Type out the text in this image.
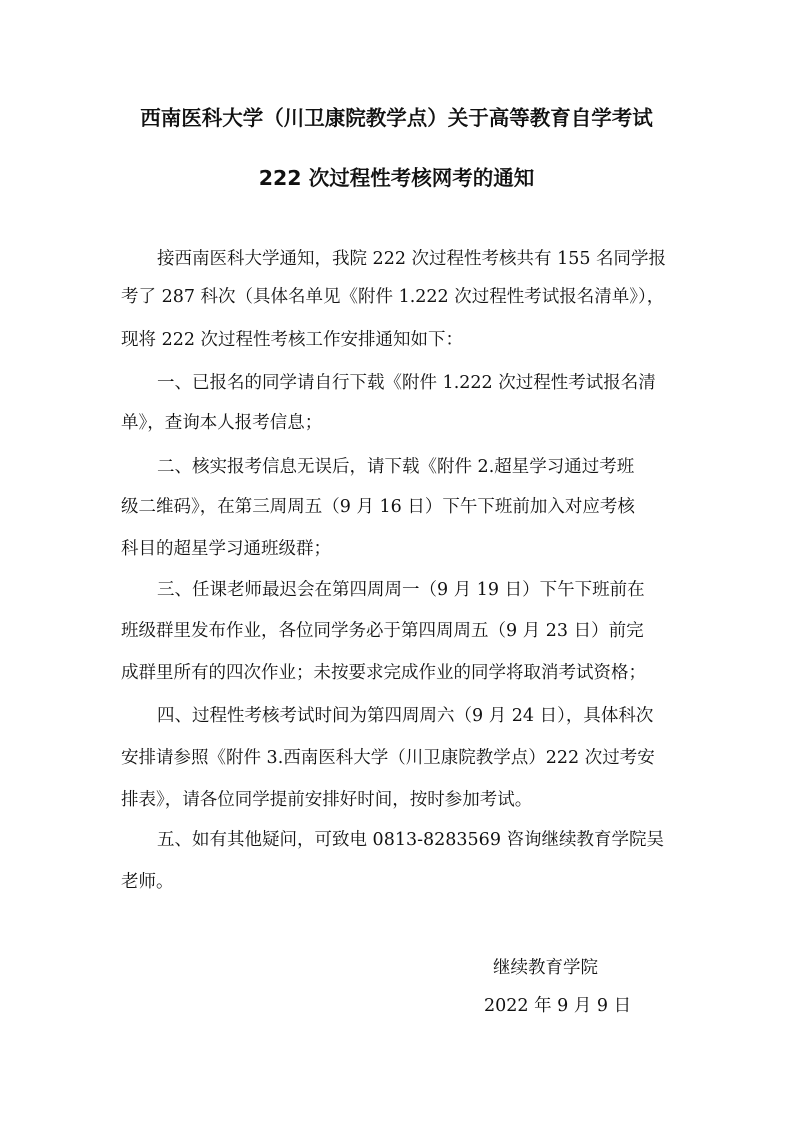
西南医科大学（川卫康院教学点）关于高等教育自学考试
222 次过程性考核网考的通知
接西南医科大学通知，我院 222 次过程性考核共有 155 名同学报
考了 287 科次（具体名单见《附件 1.222 次过程性考试报名清单》），
现将 222 次过程性考核工作安排通知如下：
一、已报名的同学请自行下载《附件 1.222 次过程性考试报名清
单》，查询本人报考信息；
二、核实报考信息无误后，请下载《附件 2.超星学习通过考班
级二维码》，在第三周周五（9 月 16 日）下午下班前加入对应考核
科目的超星学习通班级群；
三、任课老师最迟会在第四周周一（9 月 19 日）下午下班前在
班级群里发布作业，各位同学务必于第四周周五（9 月 23 日）前完
成群里所有的四次作业；未按要求完成作业的同学将取消考试资格；
四、过程性考核考试时间为第四周周六（9 月 24 日），具体科次
安排请参照《附件 3.西南医科大学（川卫康院教学点）222 次过考安
排表》，请各位同学提前安排好时间，按时参加考试。
五、如有其他疑问，可致电 0813-8283569 咨询继续教育学院吴
老师。
继续教育学院
2022 年 9 月 9 日
